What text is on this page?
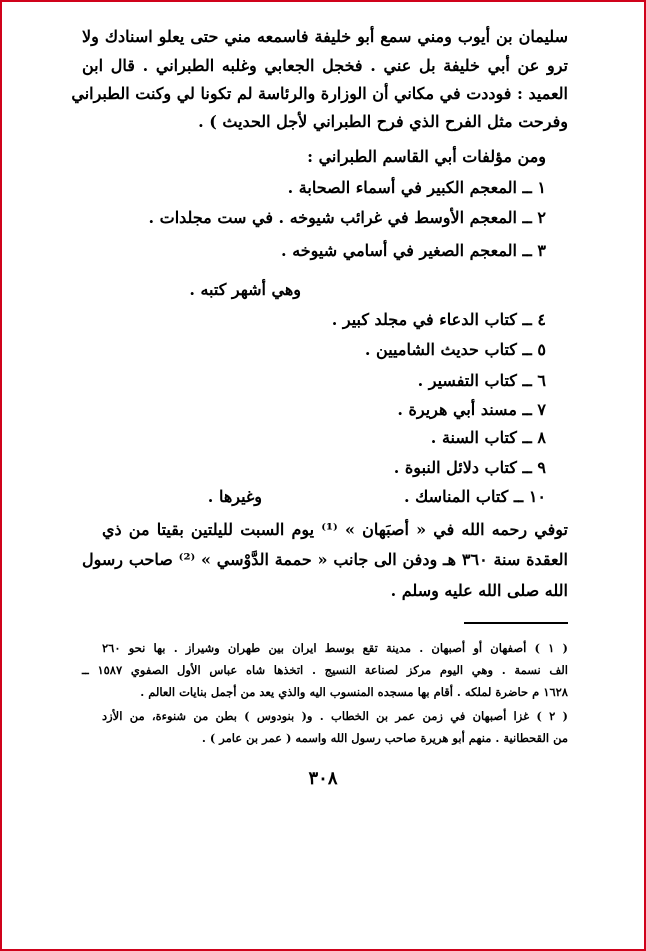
سليمان بن أيوب ومني سمع أبو خليفة فاسمعه مني حتى يعلو اسنادك ولا
ترو عن أبي خليفة بل عني . فخجل الجعابي وغلبه الطبراني . قال ابن
العميد : فوددت في مكاني أن الوزارة والرئاسة لم تكونا لي وكنت الطبراني
وفرحت مثل الفرح الذي فرح الطبراني لأجل الحديث ) .
ومن مؤلفات أبي القاسم الطبراني :
١ ــ المعجم الكبير في أسماء الصحابة .
٢ ــ المعجم الأوسط في غرائب شيوخه . في ست مجلدات .
٣ ــ المعجم الصغير في أسامي شيوخه .
وهي أشهر كتبه .
٤ ــ كتاب الدعاء في مجلد كبير .
٥ ــ كتاب حديث الشاميين .
٦ ــ كتاب التفسير .
٧ ــ مسند أبي هريرة .
٨ ــ كتاب السنة .
٩ ــ كتاب دلائل النبوة .
١٠ ــ كتاب المناسك .
وغيرها .
توفي رحمه الله في « أصبَهان » ⁽¹⁾ يوم السبت لليلتين بقيتا من ذي
العقدة سنة ٣٦٠ هـ ودفن الى جانب « حممة الدَّوْسي » ⁽²⁾ صاحب رسول
الله صلى الله عليه وسلم .
( ١ ) أصفهان أو أصبهان . مدينة تقع بوسط ايران بين طهران وشيراز . بها نحو ٢٦٠
الف نسمة . وهي اليوم مركز لصناعة النسيج . اتخذها شاه عباس الأول الصفوي ١٥٨٧ ــ
١٦٢٨ م حاضرة لملكه . أقام بها مسجده المنسوب اليه والذي يعد من أجمل بنايات العالم .
( ٢ ) غزا أصبهان في زمن عمر بن الخطاب . و( بنودوس ) بطن من شنوءة، من الأزد
من القحطانية . منهم أبو هريرة صاحب رسول الله واسمه ( عمر بن عامر ) .
٣٠٨
